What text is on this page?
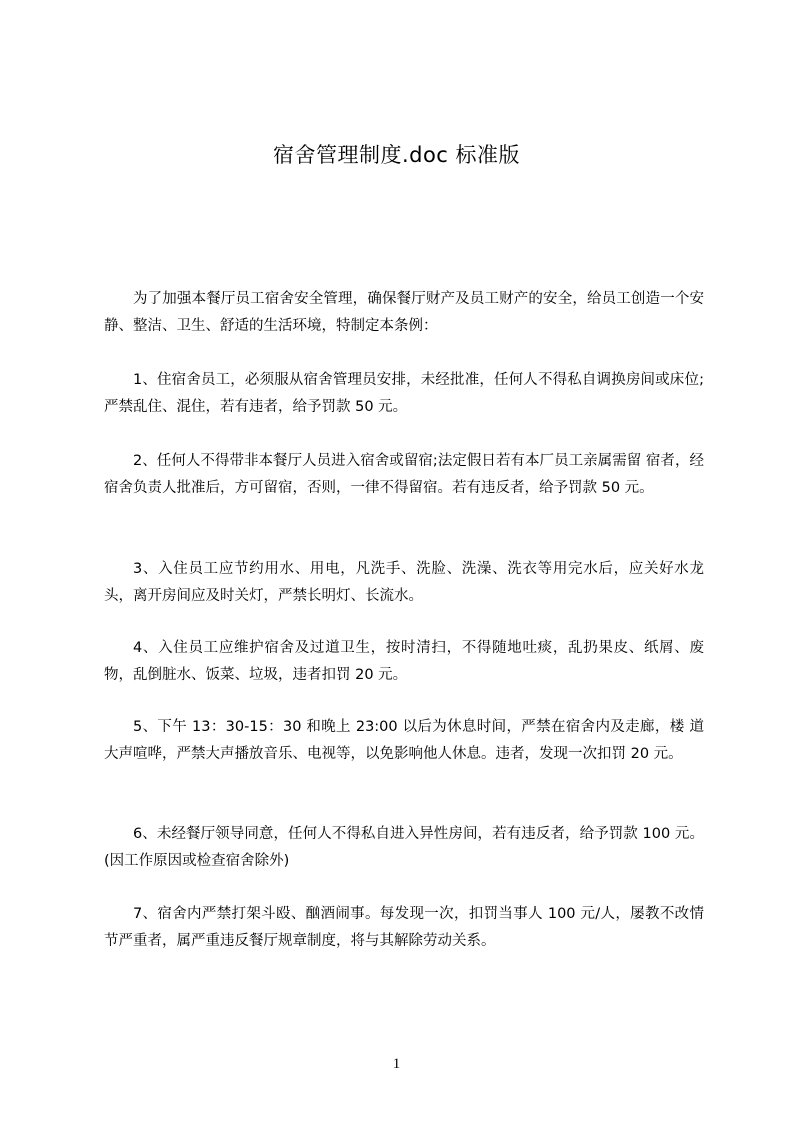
宿舍管理制度.doc 标准版

为了加强本餐厅员工宿舍安全管理，确保餐厅财产及员工财产的安全，给员工创造一个安静、整洁、卫生、舒适的生活环境，特制定本条例：

1、住宿舍员工，必须服从宿舍管理员安排，未经批准，任何人不得私自调换房间或床位;严禁乱住、混住，若有违者，给予罚款 50 元。

2、任何人不得带非本餐厅人员进入宿舍或留宿;法定假日若有本厂员工亲属需留 宿者，经宿舍负责人批准后，方可留宿，否则，一律不得留宿。若有违反者，给予罚款 50 元。

3、入住员工应节约用水、用电，凡洗手、洗脸、洗澡、洗衣等用完水后，应关好水龙头，离开房间应及时关灯，严禁长明灯、长流水。

4、入住员工应维护宿舍及过道卫生，按时清扫，不得随地吐痰，乱扔果皮、纸屑、废物，乱倒脏水、饭菜、垃圾，违者扣罚 20 元。

5、下午 13：30-15：30 和晚上 23:00 以后为休息时间，严禁在宿舍内及走廊，楼 道大声喧哗，严禁大声播放音乐、电视等，以免影响他人休息。违者，发现一次扣罚 20 元。

6、未经餐厅领导同意，任何人不得私自进入异性房间，若有违反者，给予罚款 100 元。(因工作原因或检查宿舍除外)

7、宿舍内严禁打架斗殴、酗酒闹事。每发现一次，扣罚当事人 100 元/人，屡教不改情节严重者，属严重违反餐厅规章制度，将与其解除劳动关系。

1
